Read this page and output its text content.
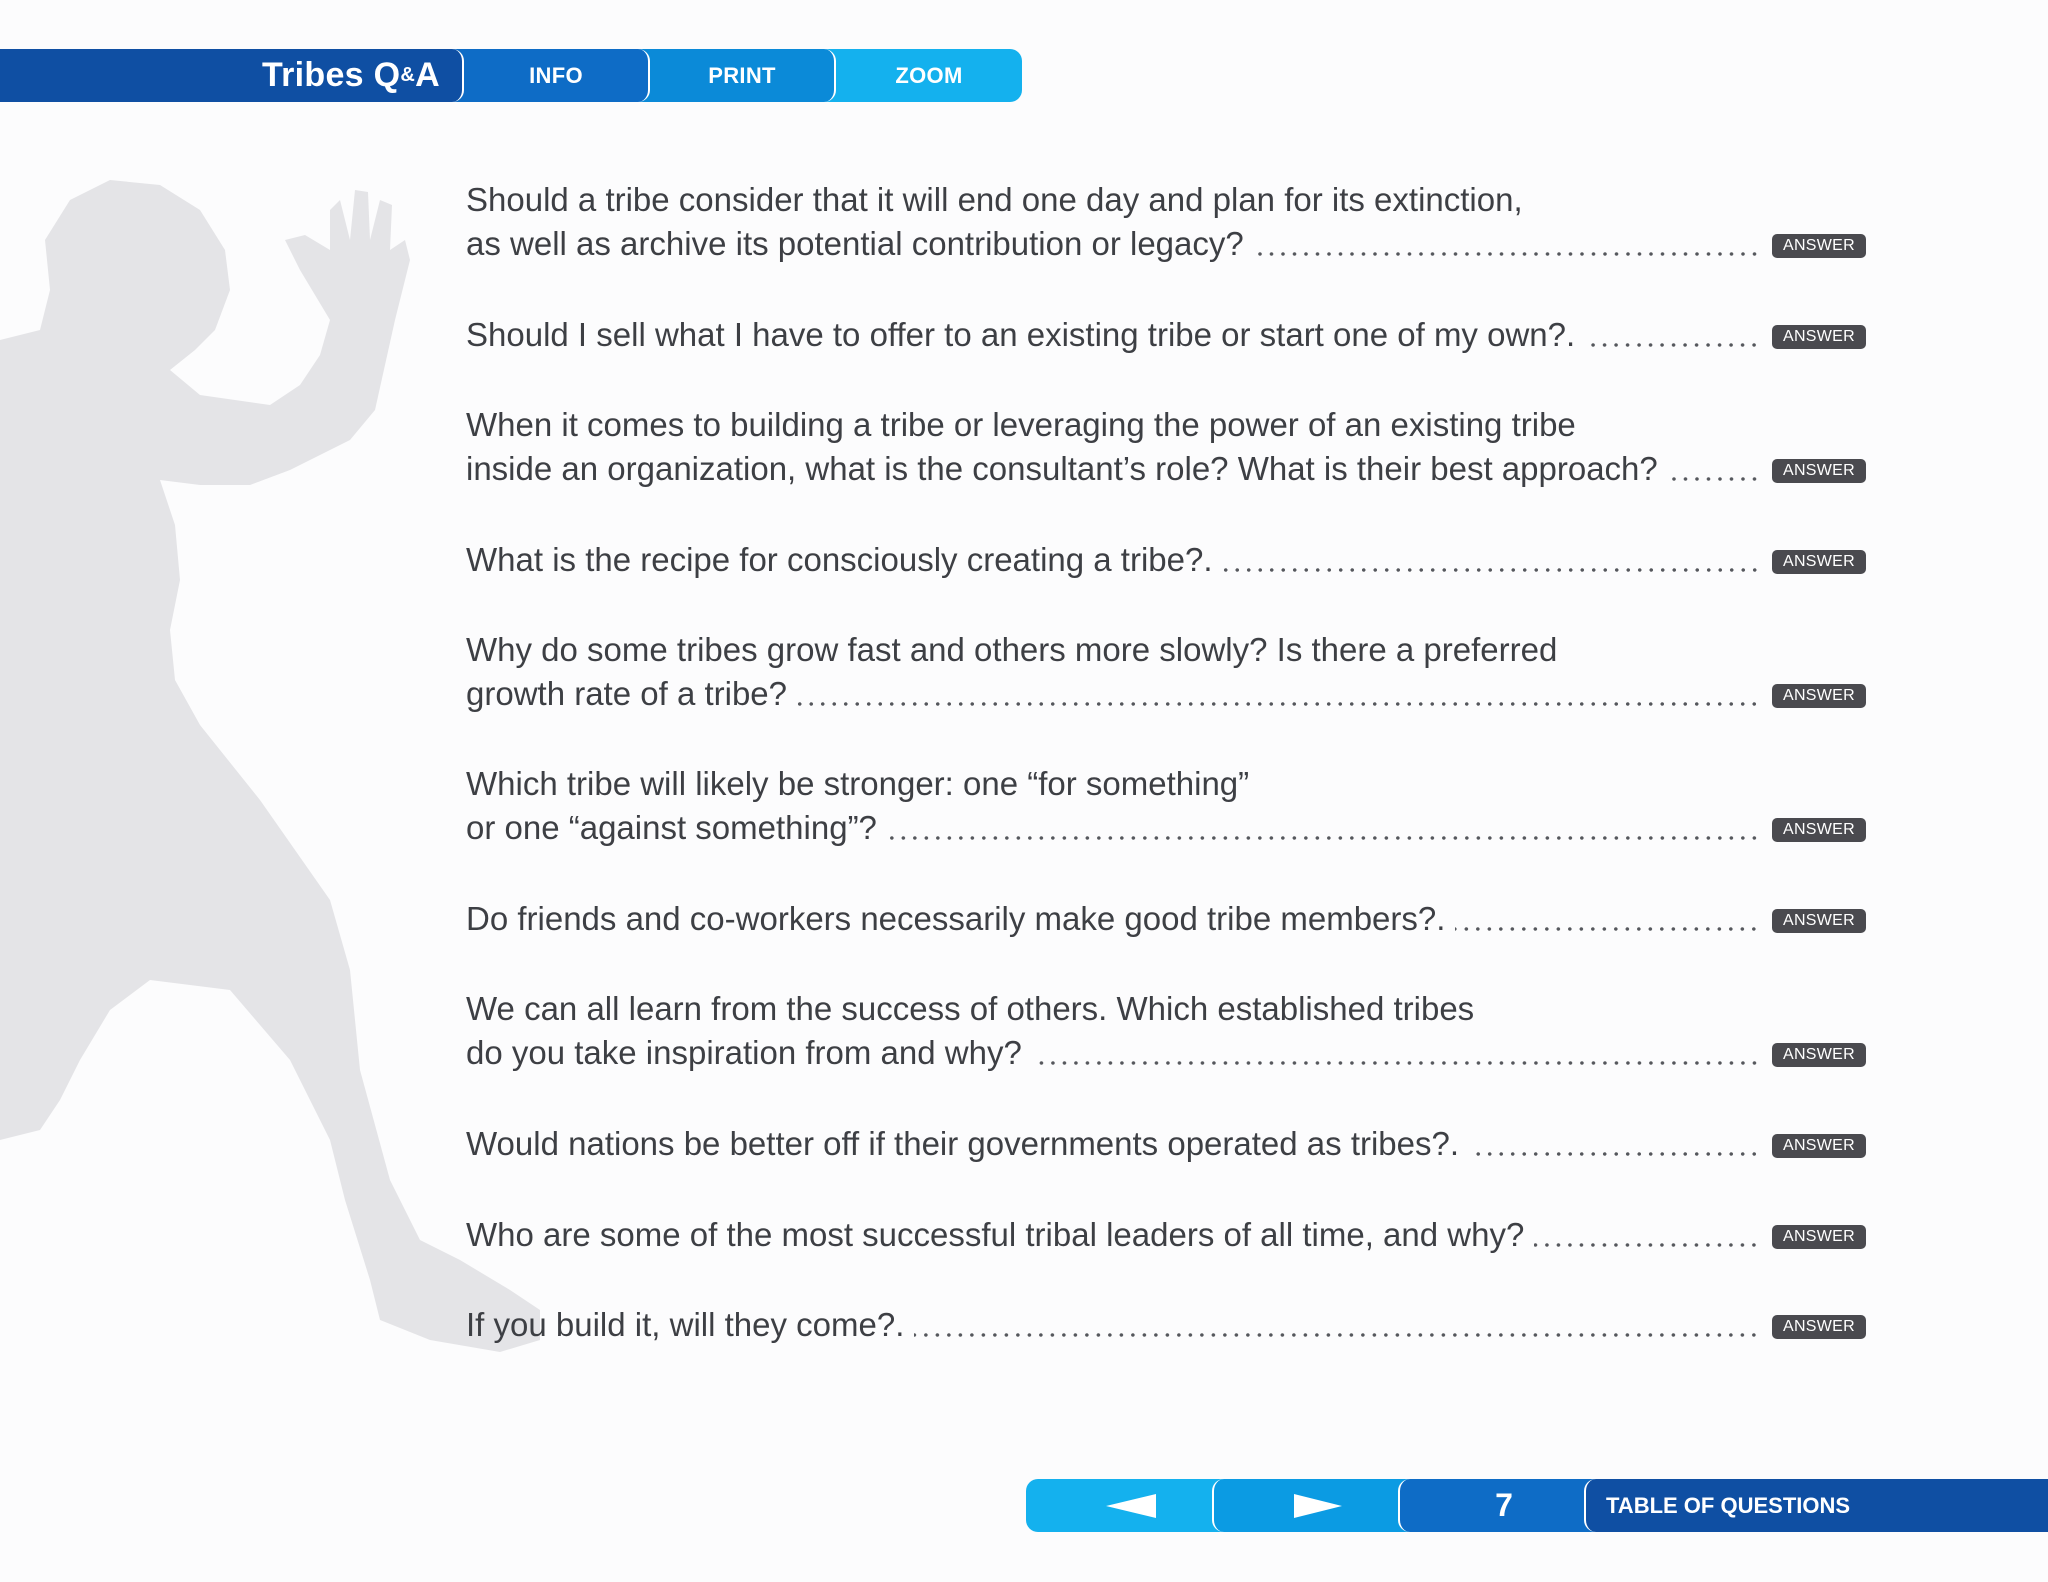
Tribes Q & A	INFO	PRINT	ZOOM
Should a tribe consider that it will end one day and plan for its extinction,
as well as archive its potential contribution or legacy?	ANSWER
Should I sell what I have to offer to an existing tribe or start one of my own?.	ANSWER
When it comes to building a tribe or leveraging the power of an existing tribe
inside an organization, what is the consultant’s role? What is their best approach?	ANSWER
What is the recipe for consciously creating a tribe?.	ANSWER
Why do some tribes grow fast and others more slowly? Is there a preferred
growth rate of a tribe?	ANSWER
Which tribe will likely be stronger: one “for something”
or one “against something”?	ANSWER
Do friends and co-workers necessarily make good tribe members?.	ANSWER
We can all learn from the success of others. Which established tribes
do you take inspiration from and why?	ANSWER
Would nations be better off if their governments operated as tribes?.	ANSWER
Who are some of the most successful tribal leaders of all time, and why?	ANSWER
If you build it, will they come?.	ANSWER
7	TABLE OF QUESTIONS
